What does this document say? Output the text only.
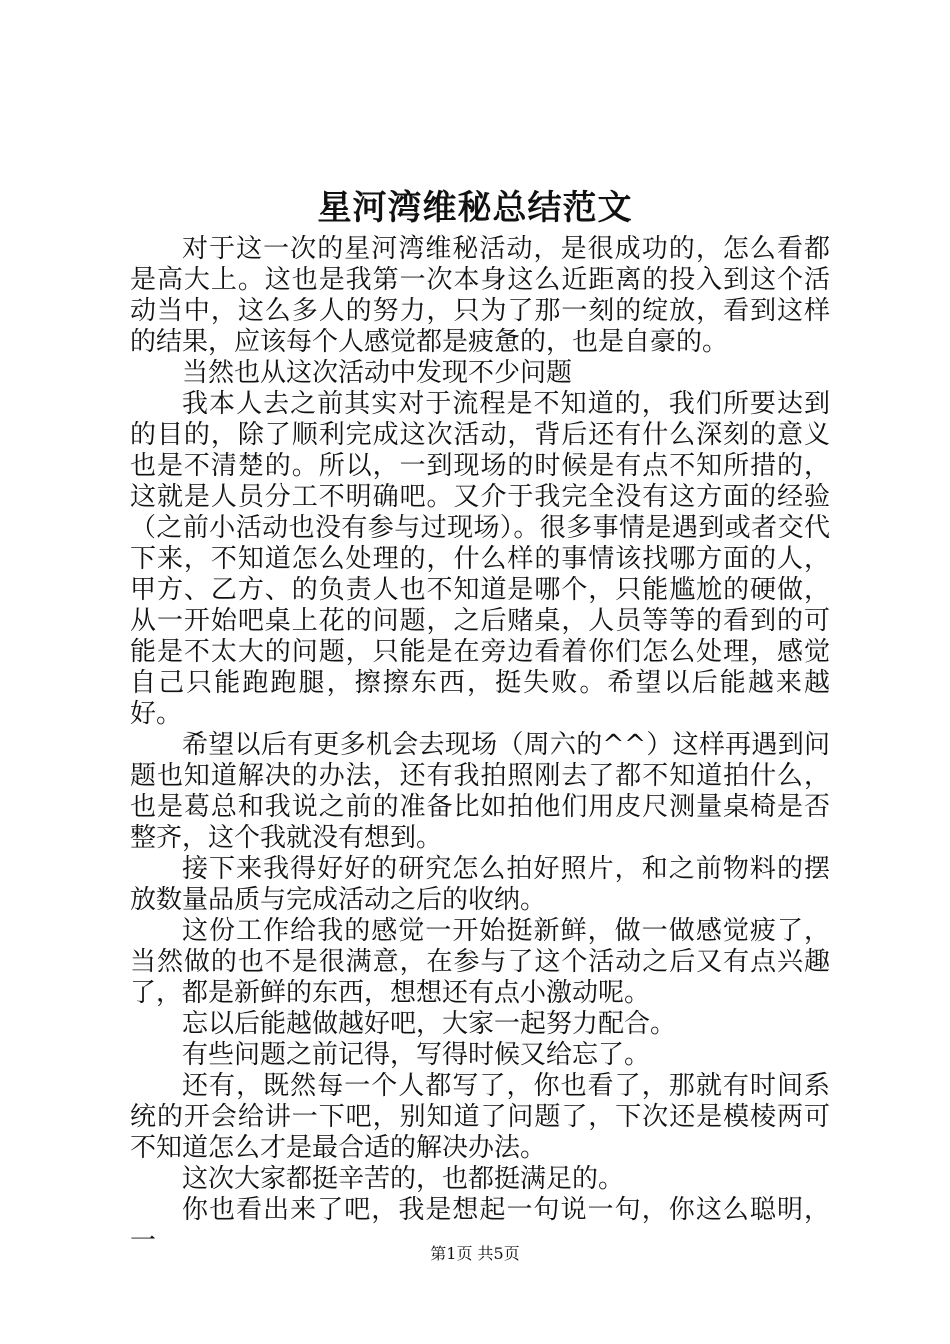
星河湾维秘总结范文

对于这一次的星河湾维秘活动，是很成功的，怎么看都是高大上。这也是我第一次本身这么近距离的投入到这个活动当中，这么多人的努力，只为了那一刻的绽放，看到这样的结果，应该每个人感觉都是疲惫的，也是自豪的。

当然也从这次活动中发现不少问题

我本人去之前其实对于流程是不知道的，我们所要达到的目的，除了顺利完成这次活动，背后还有什么深刻的意义也是不清楚的。所以，一到现场的时候是有点不知所措的，这就是人员分工不明确吧。又介于我完全没有这方面的经验（之前小活动也没有参与过现场）。很多事情是遇到或者交代下来，不知道怎么处理的，什么样的事情该找哪方面的人，甲方、乙方、的负责人也不知道是哪个，只能尴尬的硬做，从一开始吧桌上花的问题，之后赌桌，人员等等的看到的可能是不太大的问题，只能是在旁边看着你们怎么处理，感觉自己只能跑跑腿，擦擦东西，挺失败。希望以后能越来越好。

希望以后有更多机会去现场（周六的^^）这样再遇到问题也知道解决的办法，还有我拍照刚去了都不知道拍什么，也是葛总和我说之前的准备比如拍他们用皮尺测量桌椅是否整齐，这个我就没有想到。

接下来我得好好的研究怎么拍好照片，和之前物料的摆放数量品质与完成活动之后的收纳。

这份工作给我的感觉一开始挺新鲜，做一做感觉疲了，当然做的也不是很满意，在参与了这个活动之后又有点兴趣了，都是新鲜的东西，想想还有点小激动呢。

忘以后能越做越好吧，大家一起努力配合。

有些问题之前记得，写得时候又给忘了。

还有，既然每一个人都写了，你也看了，那就有时间系统的开会给讲一下吧，别知道了问题了，下次还是模棱两可不知道怎么才是最合适的解决办法。

这次大家都挺辛苦的，也都挺满足的。

你也看出来了吧，我是想起一句说一句，你这么聪明，一	第1页 共5页
